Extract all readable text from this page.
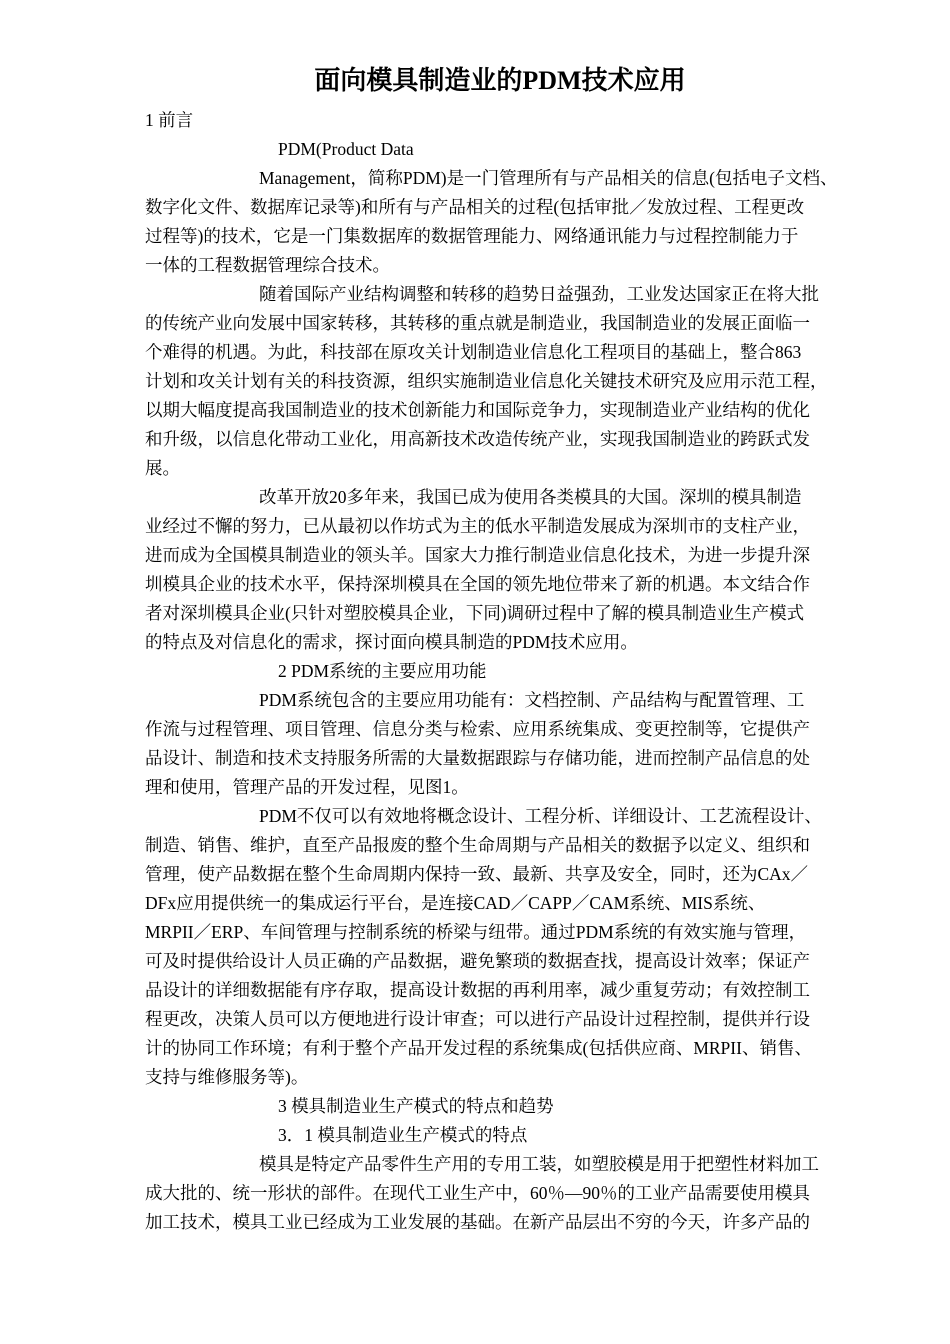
面向模具制造业的PDM技术应用
1 前言
PDM(Product Data
Management，简称PDM)是一门管理所有与产品相关的信息(包括电子文档、
数字化文件、数据库记录等)和所有与产品相关的过程(包括审批／发放过程、工程更改
过程等)的技术，它是一门集数据库的数据管理能力、网络通讯能力与过程控制能力于
一体的工程数据管理综合技术。
随着国际产业结构调整和转移的趋势日益强劲，工业发达国家正在将大批
的传统产业向发展中国家转移，其转移的重点就是制造业，我国制造业的发展正面临一
个难得的机遇。为此，科技部在原攻关计划制造业信息化工程项目的基础上，整合863
计划和攻关计划有关的科技资源，组织实施制造业信息化关键技术研究及应用示范工程，
以期大幅度提高我国制造业的技术创新能力和国际竞争力，实现制造业产业结构的优化
和升级，以信息化带动工业化，用高新技术改造传统产业，实现我国制造业的跨跃式发
展。
改革开放20多年来，我国已成为使用各类模具的大国。深圳的模具制造
业经过不懈的努力，已从最初以作坊式为主的低水平制造发展成为深圳市的支柱产业，
进而成为全国模具制造业的领头羊。国家大力推行制造业信息化技术，为进一步提升深
圳模具企业的技术水平，保持深圳模具在全国的领先地位带来了新的机遇。本文结合作
者对深圳模具企业(只针对塑胶模具企业，下同)调研过程中了解的模具制造业生产模式
的特点及对信息化的需求，探讨面向模具制造的PDM技术应用。
2 PDM系统的主要应用功能
PDM系统包含的主要应用功能有：文档控制、产品结构与配置管理、工
作流与过程管理、项目管理、信息分类与检索、应用系统集成、变更控制等，它提供产
品设计、制造和技术支持服务所需的大量数据跟踪与存储功能，进而控制产品信息的处
理和使用，管理产品的开发过程，见图1。
PDM不仅可以有效地将概念设计、工程分析、详细设计、工艺流程设计、
制造、销售、维护，直至产品报废的整个生命周期与产品相关的数据予以定义、组织和
管理，使产品数据在整个生命周期内保持一致、最新、共享及安全，同时，还为CAx／
DFx应用提供统一的集成运行平台，是连接CAD／CAPP／CAM系统、MIS系统、
MRPII／ERP、车间管理与控制系统的桥梁与纽带。通过PDM系统的有效实施与管理，
可及时提供给设计人员正确的产品数据，避免繁琐的数据查找，提高设计效率；保证产
品设计的详细数据能有序存取，提高设计数据的再利用率，减少重复劳动；有效控制工
程更改，决策人员可以方便地进行设计审查；可以进行产品设计过程控制，提供并行设
计的协同工作环境；有利于整个产品开发过程的系统集成(包括供应商、MRPII、销售、
支持与维修服务等)。
3 模具制造业生产模式的特点和趋势
3．1 模具制造业生产模式的特点
模具是特定产品零件生产用的专用工装，如塑胶模是用于把塑性材料加工
成大批的、统一形状的部件。在现代工业生产中，60％—90％的工业产品需要使用模具
加工技术，模具工业已经成为工业发展的基础。在新产品层出不穷的今天，许多产品的
